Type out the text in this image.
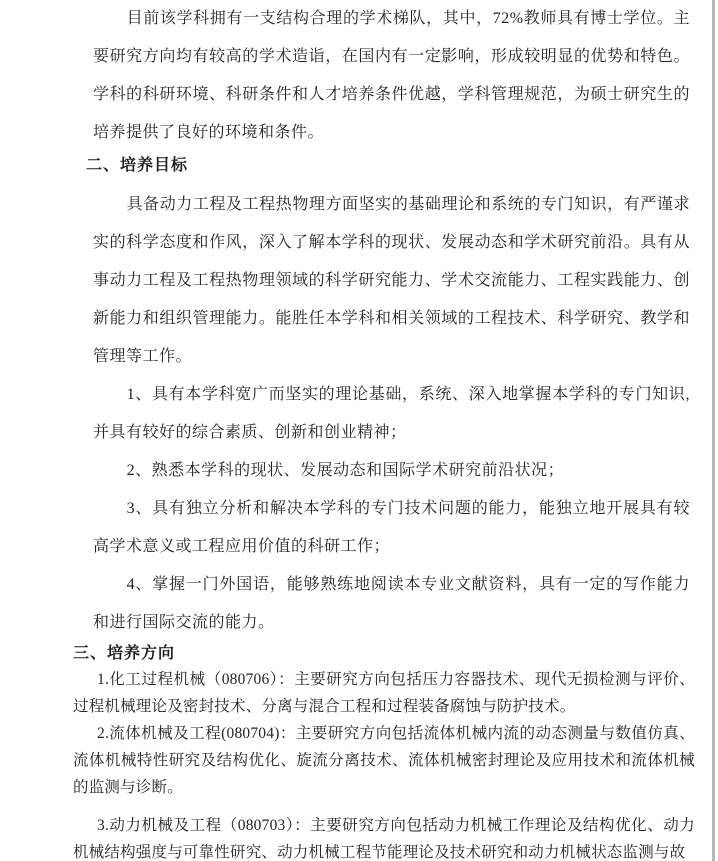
目前该学科拥有一支结构合理的学术梯队，其中，72%教师具有博士学位。主要研究方向均有较高的学术造诣，在国内有一定影响，形成较明显的优势和特色。学科的科研环境、科研条件和人才培养条件优越，学科管理规范，为硕士研究生的培养提供了良好的环境和条件。

二、培养目标

具备动力工程及工程热物理方面坚实的基础理论和系统的专门知识，有严谨求实的科学态度和作风，深入了解本学科的现状、发展动态和学术研究前沿。具有从事动力工程及工程热物理领域的科学研究能力、学术交流能力、工程实践能力、创新能力和组织管理能力。能胜任本学科和相关领域的工程技术、科学研究、教学和管理等工作。

1、具有本学科宽广而坚实的理论基础，系统、深入地掌握本学科的专门知识,并具有较好的综合素质、创新和创业精神；

2、熟悉本学科的现状、发展动态和国际学术研究前沿状况；

3、具有独立分析和解决本学科的专门技术问题的能力，能独立地开展具有较高学术意义或工程应用价值的科研工作；

4、掌握一门外国语，能够熟练地阅读本专业文献资料，具有一定的写作能力和进行国际交流的能力。

三、培养方向

1.化工过程机械（080706）：主要研究方向包括压力容器技术、现代无损检测与评价、过程机械理论及密封技术、分离与混合工程和过程装备腐蚀与防护技术。

2.流体机械及工程(080704)：主要研究方向包括流体机械内流的动态测量与数值仿真、流体机械特性研究及结构优化、旋流分离技术、流体机械密封理论及应用技术和流体机械的监测与诊断。

3.动力机械及工程（080703）：主要研究方向包括动力机械工作理论及结构优化、动力机械结构强度与可靠性研究、动力机械工程节能理论及技术研究和动力机械状态监测与故
